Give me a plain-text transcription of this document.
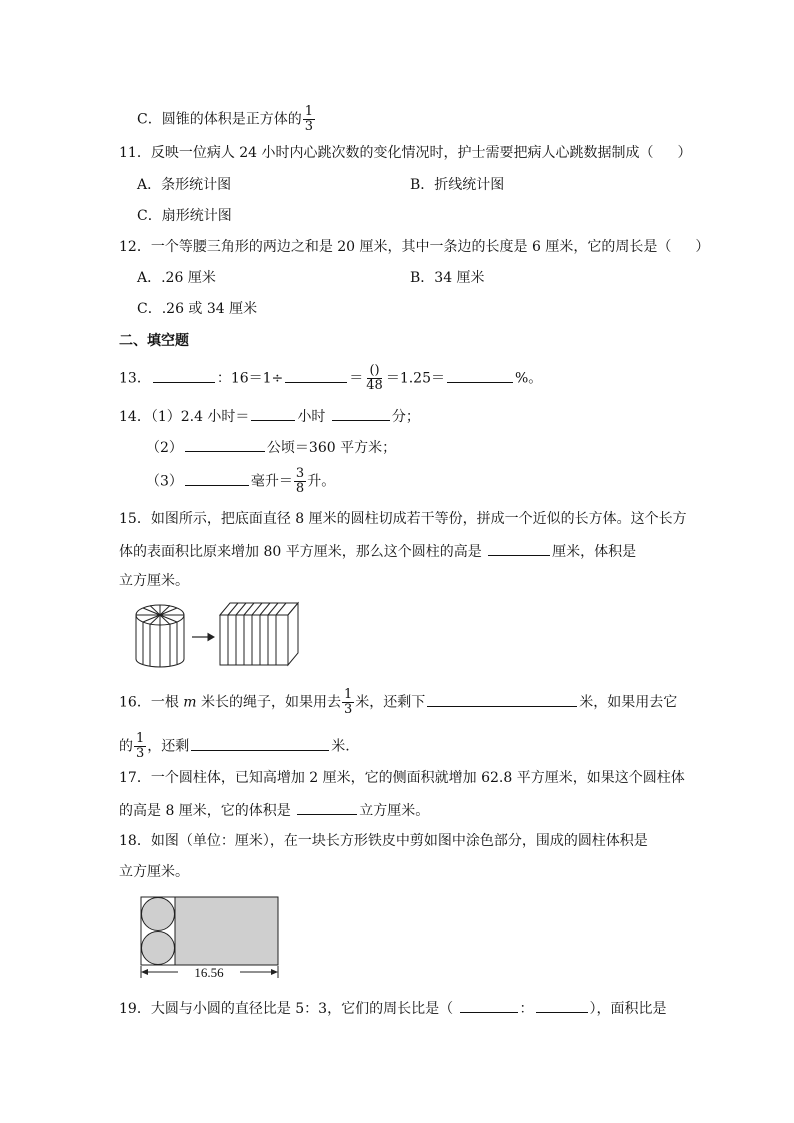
C．圆锥的体积是正方体的 $\frac{1}{3}$
11．反映一位病人 24 小时内心跳次数的变化情况时，护士需要把病人心跳数据制成（ ）
A．条形统计图	B．折线统计图
C．扇形统计图
12．一个等腰三角形的两边之和是 20 厘米，其中一条边的长度是 6 厘米，它的周长是（ ）
A．.26 厘米	B．34 厘米
C．.26 或 34 厘米
二、填空题
13．	：16＝1÷	＝ $\frac{()}{48} =1.25=$	%。
14．（1）2.4 小时＝	小时	分；
（2）	公顷＝360 平方米；
（3）	毫升＝ $\frac{3}{8}$ 升。
15．如图所示，把底面直径 8 厘米的圆柱切成若干等份，拼成一个近似的长方体。这个长方
体的表面积比原来增加 80 平方厘米，那么这个圆柱的高是	厘米，体积是
立方厘米。
16．一根 m 米长的绳子，如果用去 $\frac{1}{3}$ 米，还剩下	米，如果用去它
的 $\frac{1}{3}$ ，还剩	米.
17．一个圆柱体，已知高增加 2 厘米，它的侧面积就增加 62.8 平方厘米，如果这个圆柱体
的高是 8 厘米，它的体积是	立方厘米。
18．如图（单位：厘米），在一块长方形铁皮中剪如图中涂色部分，围成的圆柱体积是
立方厘米。
16.56
19．大圆与小圆的直径比是 5：3，它们的周长比是（	：	），面积比是
